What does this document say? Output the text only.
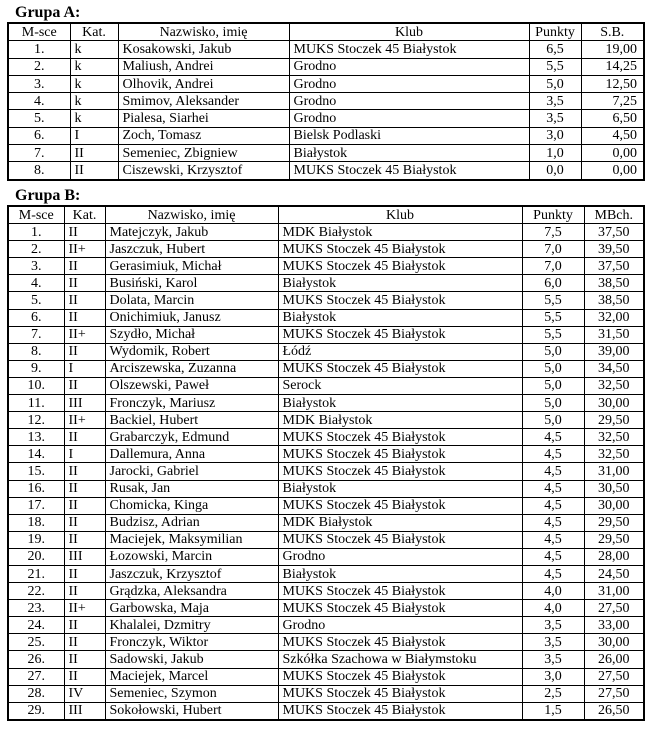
Grupa A:
M-sce	Kat.	Nazwisko, imię	Klub	Punkty	S.B.
1.	k	Kosakowski, Jakub	MUKS Stoczek 45 Białystok	6,5	19,00
2.	k	Maliush, Andrei	Grodno	5,5	14,25
3.	k	Olhovik, Andrei	Grodno	5,0	12,50
4.	k	Smimov, Aleksander	Grodno	3,5	7,25
5.	k	Pialesa, Siarhei	Grodno	3,5	6,50
6.	I	Zoch, Tomasz	Bielsk Podlaski	3,0	4,50
7.	II	Semeniec, Zbigniew	Białystok	1,0	0,00
8.	II	Ciszewski, Krzysztof	MUKS Stoczek 45 Białystok	0,0	0,00
Grupa B:
M-sce	Kat.	Nazwisko, imię	Klub	Punkty	MBch.
1.	II	Matejczyk, Jakub	MDK Białystok	7,5	37,50
2.	II+	Jaszczuk, Hubert	MUKS Stoczek 45 Białystok	7,0	39,50
3.	II	Gerasimiuk, Michał	MUKS Stoczek 45 Białystok	7,0	37,50
4.	II	Busiński, Karol	Białystok	6,0	38,50
5.	II	Dolata, Marcin	MUKS Stoczek 45 Białystok	5,5	38,50
6.	II	Onichimiuk, Janusz	Białystok	5,5	32,00
7.	II+	Szydło, Michał	MUKS Stoczek 45 Białystok	5,5	31,50
8.	II	Wydomik, Robert	Łódź	5,0	39,00
9.	I	Arciszewska, Zuzanna	MUKS Stoczek 45 Białystok	5,0	34,50
10.	II	Olszewski, Paweł	Serock	5,0	32,50
11.	III	Fronczyk, Mariusz	Białystok	5,0	30,00
12.	II+	Backiel, Hubert	MDK Białystok	5,0	29,50
13.	II	Grabarczyk, Edmund	MUKS Stoczek 45 Białystok	4,5	32,50
14.	I	Dallemura, Anna	MUKS Stoczek 45 Białystok	4,5	32,50
15.	II	Jarocki, Gabriel	MUKS Stoczek 45 Białystok	4,5	31,00
16.	II	Rusak, Jan	Białystok	4,5	30,50
17.	II	Chomicka, Kinga	MUKS Stoczek 45 Białystok	4,5	30,00
18.	II	Budzisz, Adrian	MDK Białystok	4,5	29,50
19.	II	Maciejek, Maksymilian	MUKS Stoczek 45 Białystok	4,5	29,50
20.	III	Łozowski, Marcin	Grodno	4,5	28,00
21.	II	Jaszczuk, Krzysztof	Białystok	4,5	24,50
22.	II	Grądzka, Aleksandra	MUKS Stoczek 45 Białystok	4,0	31,00
23.	II+	Garbowska, Maja	MUKS Stoczek 45 Białystok	4,0	27,50
24.	II	Khalalei, Dzmitry	Grodno	3,5	33,00
25.	II	Fronczyk, Wiktor	MUKS Stoczek 45 Białystok	3,5	30,00
26.	II	Sadowski, Jakub	Szkółka Szachowa w Białymstoku	3,5	26,00
27.	II	Maciejek, Marcel	MUKS Stoczek 45 Białystok	3,0	27,50
28.	IV	Semeniec, Szymon	MUKS Stoczek 45 Białystok	2,5	27,50
29.	III	Sokołowski, Hubert	MUKS Stoczek 45 Białystok	1,5	26,50
